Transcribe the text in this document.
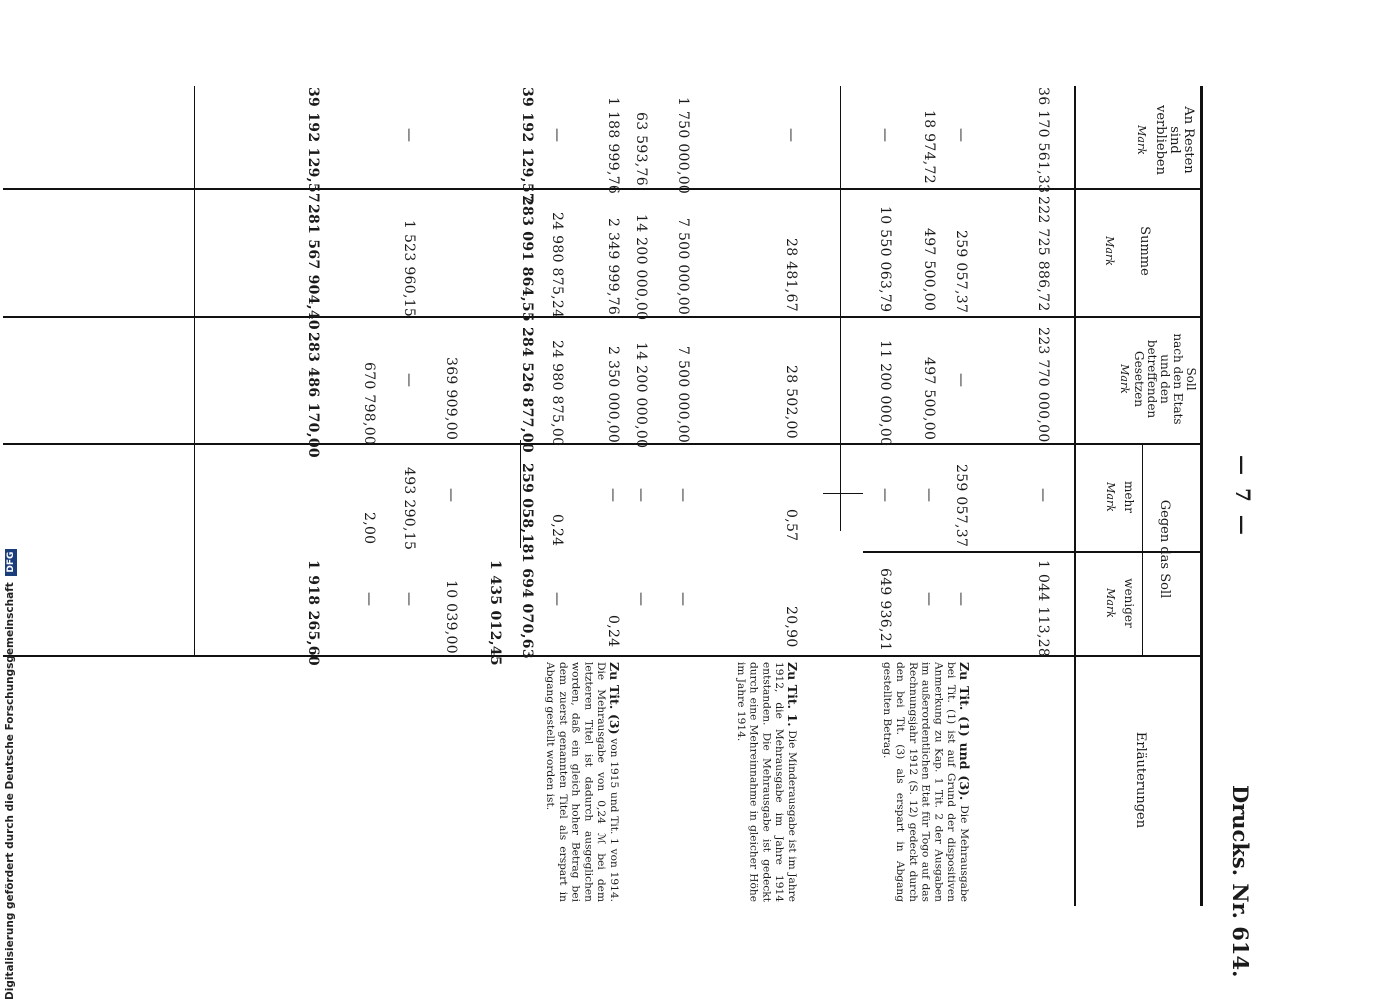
— 7 —
Drucks. Nr. 614.
An Resten
sind
verblieben
Mark
Summe
Mark
Soll
nach den Etats
und den
betreffenden
Gesetzen
Mark
Gegen das Soll
mehr
Mark
weniger
Mark
Erläuterungen
36 170 561,33
222 725 886,72
223 770 000,00
—
1 044 113,28
—
259 057,37
—
259 057,37
—
18 974,72
497 500,00
497 500,00
—
—
—
10 550 063,79
11 200 000,00
—
649 936,21
—
28 481,67
28 502,00
0,57
20,90
1 750 000,00
7 500 000,00
7 500 000,00
—
—
63 593,76
14 200 000,00
14 200 000,00
—
—
1 188 999,76
2 349 999,76
2 350 000,00
—
0,24
—
24 980 875,24
24 980 875,00
0,24
—
39 192 129,57
283 091 864,55
284 526 877,00
259 058,18
1 694 070,63
1 435 012,45
369 909,00
—
10 039,00
—
1 523 960,15
—
493 290,15
—
670 798,00
2,00
—
39 192 129,57
281 567 904,40
283 486 170,00
1 918 265,60
Zu Tit. (1) und (3). Die Mehrausgabe bei Tit. (1) ist auf Grund der dispositiven Anmerkung zu Kap. 1 Tit. 2 der Ausgaben im außerordentlichen Etat für Togo auf das Rechnungsjahr 1912 (S. 12) gedeckt durch den bei Tit. (3) als erspart in Abgang gestellten Betrag.
Zu Tit. 1. Die Minderausgabe ist im Jahre 1912, die Mehrausgabe im Jahre 1914 entstanden. Die Mehrausgabe ist gedeckt durch eine Mehreinnahme in gleicher Höhe im Jahre 1914.
Zu Tit. (3) von 1915 und Tit. 1 von 1914. Die Mehrausgabe von 0,24 ℳ bei dem letzteren Titel ist dadurch ausgeglichen worden, daß ein gleich hoher Betrag bei dem zuerst genannten Titel als erspart in Abgang gestellt worden ist.
Digitalisierung gefördert durch die Deutsche Forschungsgemeinschaft DFG
